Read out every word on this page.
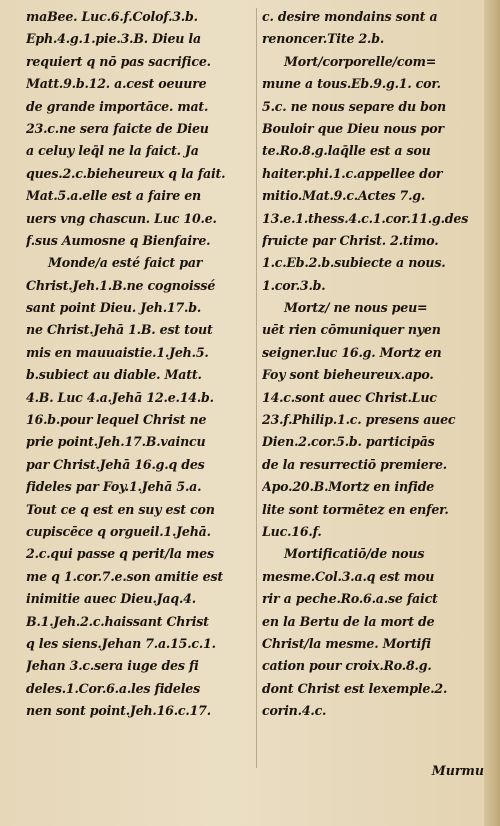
maBee. Luc.6.f.Colof.3.b.
Eph.4.g.1.pie.3.B. Dieu la
requiert q nō pas sacrifice.
Matt.9.b.12. a.cest oeuure
de grande importāce. mat.
23.c.ne sera faicte de Dieu
a celuy leq̄l ne la faict. Ja
ques.2.c.bieheureux q la fait.
Mat.5.a.elle est a faire en
uers vng chascun. Luc 10.e.
f.sus Aumosne q Bienfaire.
Monde/a esté faict par
Christ.Jeh.1.B.ne cognoissé
sant point Dieu. Jeh.17.b.
ne Christ.Jehā 1.B. est tout
mis en mauuaistie.1.Jeh.5.
b.subiect au diable. Matt.
4.B. Luc 4.a.Jehā 12.e.14.b.
16.b.pour lequel Christ ne
prie point.Jeh.17.B.vaincu
par Christ.Jehā 16.g.q des
fideles par Foy.1.Jehā 5.a.
Tout ce q est en suy est con
cupiscēce q orgueil.1.Jehā.
2.c.qui passe q perit/la mes
me q 1.cor.7.e.son amitie est
inimitie auec Dieu.Jaq.4.
B.1.Jeh.2.c.haissant Christ
q les siens.Jehan 7.a.15.c.1.
Jehan 3.c.sera iuge des fi
deles.1.Cor.6.a.les fideles
nen sont point.Jeh.16.c.17.
c. desire mondains sont a
renoncer.Tite 2.b.
Mort/corporelle/com=
mune a tous.Eb.9.g.1. cor.
5.c. ne nous separe du bon
Bouloir que Dieu nous por
te.Ro.8.g.laq̄lle est a sou
haiter.phi.1.c.appellee dor
mitio.Mat.9.c.Actes 7.g.
13.e.1.thess.4.c.1.cor.11.g.des
fruicte par Christ. 2.timo.
1.c.Eb.2.b.subiecte a nous.
1.cor.3.b.
Mortz/ ne nous peu=
uēt rien cōmuniquer nyen
seigner.luc 16.g. Mortz en
Foy sont bieheureux.apo.
14.c.sont auec Christ.Luc
23.f.Philip.1.c. presens auec
Dien.2.cor.5.b. participās
de la resurrectiō premiere.
Apo.20.B.Mortz en infide
lite sont tormētez en enfer.
Luc.16.f.
Mortificatiō/de nous
mesme.Col.3.a.q est mou
rir a peche.Ro.6.a.se faict
en la Bertu de la mort de
Christ/la mesme. Mortifi
cation pour croix.Ro.8.g.
dont Christ est lexemple.2.
corin.4.c.
Murmu
